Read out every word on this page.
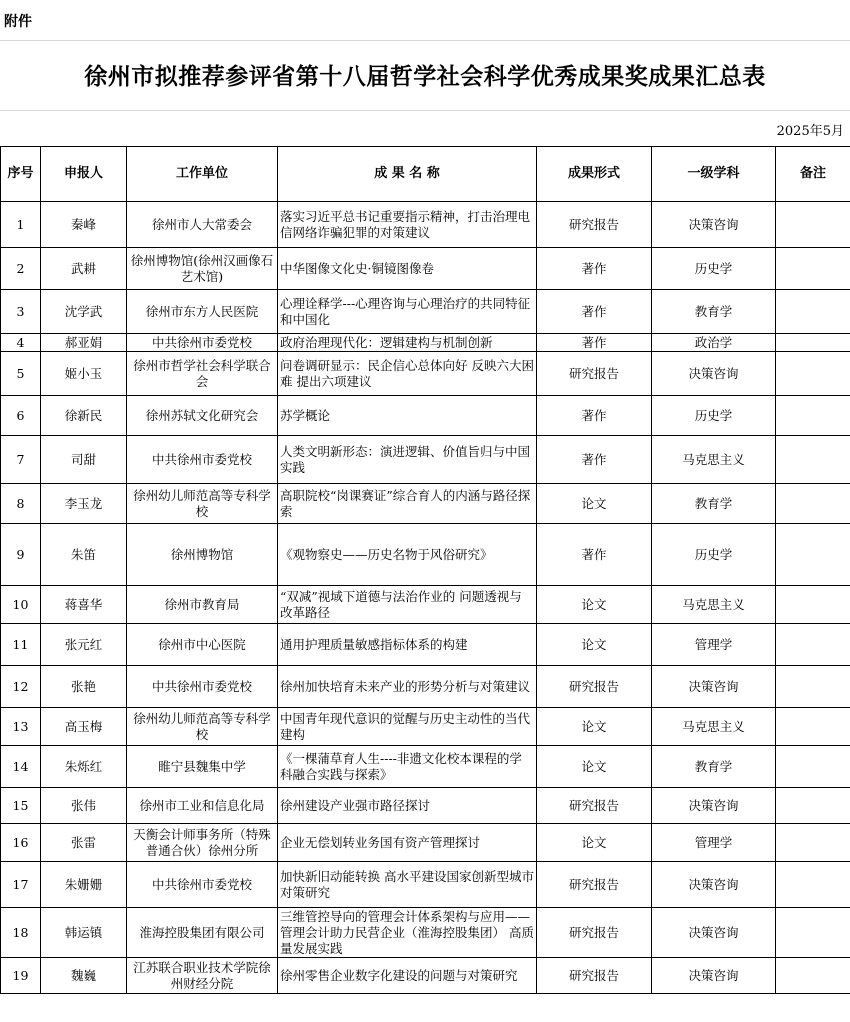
附件
徐州市拟推荐参评省第十八届哲学社会科学优秀成果奖成果汇总表
2025年5月
序号	申报人	工作单位	成 果 名 称	成果形式	一级学科	备注
1	秦峰	徐州市人大常委会	落实习近平总书记重要指示精神，打击治理电信网络诈骗犯罪的对策建议	研究报告	决策咨询	
2	武耕	徐州博物馆(徐州汉画像石艺术馆)	中华图像文化史·铜镜图像卷	著作	历史学	
3	沈学武	徐州市东方人民医院	心理诠释学---心理咨询与心理治疗的共同特征和中国化	著作	教育学	
4	郝亚娟	中共徐州市委党校	政府治理现代化：逻辑建构与机制创新	著作	政治学	
5	姬小玉	徐州市哲学社会科学联合会	问卷调研显示：民企信心总体向好 反映六大困难 提出六项建议	研究报告	决策咨询	
6	徐新民	徐州苏轼文化研究会	苏学概论	著作	历史学	
7	司甜	中共徐州市委党校	人类文明新形态：演进逻辑、价值旨归与中国实践	著作	马克思主义	
8	李玉龙	徐州幼儿师范高等专科学校	高职院校“岗课赛证”综合育人的内涵与路径探索	论文	教育学	
9	朱笛	徐州博物馆	《观物察史——历史名物于风俗研究》	著作	历史学	
10	蒋喜华	徐州市教育局	“双减”视域下道德与法治作业的 问题透视与改革路径	论文	马克思主义	
11	张元红	徐州市中心医院	通用护理质量敏感指标体系的构建	论文	管理学	
12	张艳	中共徐州市委党校	徐州加快培育未来产业的形势分析与对策建议	研究报告	决策咨询	
13	高玉梅	徐州幼儿师范高等专科学校	中国青年现代意识的觉醒与历史主动性的当代建构	论文	马克思主义	
14	朱烁红	睢宁县魏集中学	《一棵蒲草育人生----非遗文化校本课程的学科融合实践与探索》	论文	教育学	
15	张伟	徐州市工业和信息化局	徐州建设产业强市路径探讨	研究报告	决策咨询	
16	张雷	天衡会计师事务所（特殊普通合伙）徐州分所	企业无偿划转业务国有资产管理探讨	论文	管理学	
17	朱姗姗	中共徐州市委党校	加快新旧动能转换 高水平建设国家创新型城市对策研究	研究报告	决策咨询	
18	韩运镇	淮海控股集团有限公司	三维管控导向的管理会计体系架构与应用——管理会计助力民营企业（淮海控股集团） 高质量发展实践	研究报告	决策咨询	
19	魏巍	江苏联合职业技术学院徐州财经分院	徐州零售企业数字化建设的问题与对策研究	研究报告	决策咨询	
